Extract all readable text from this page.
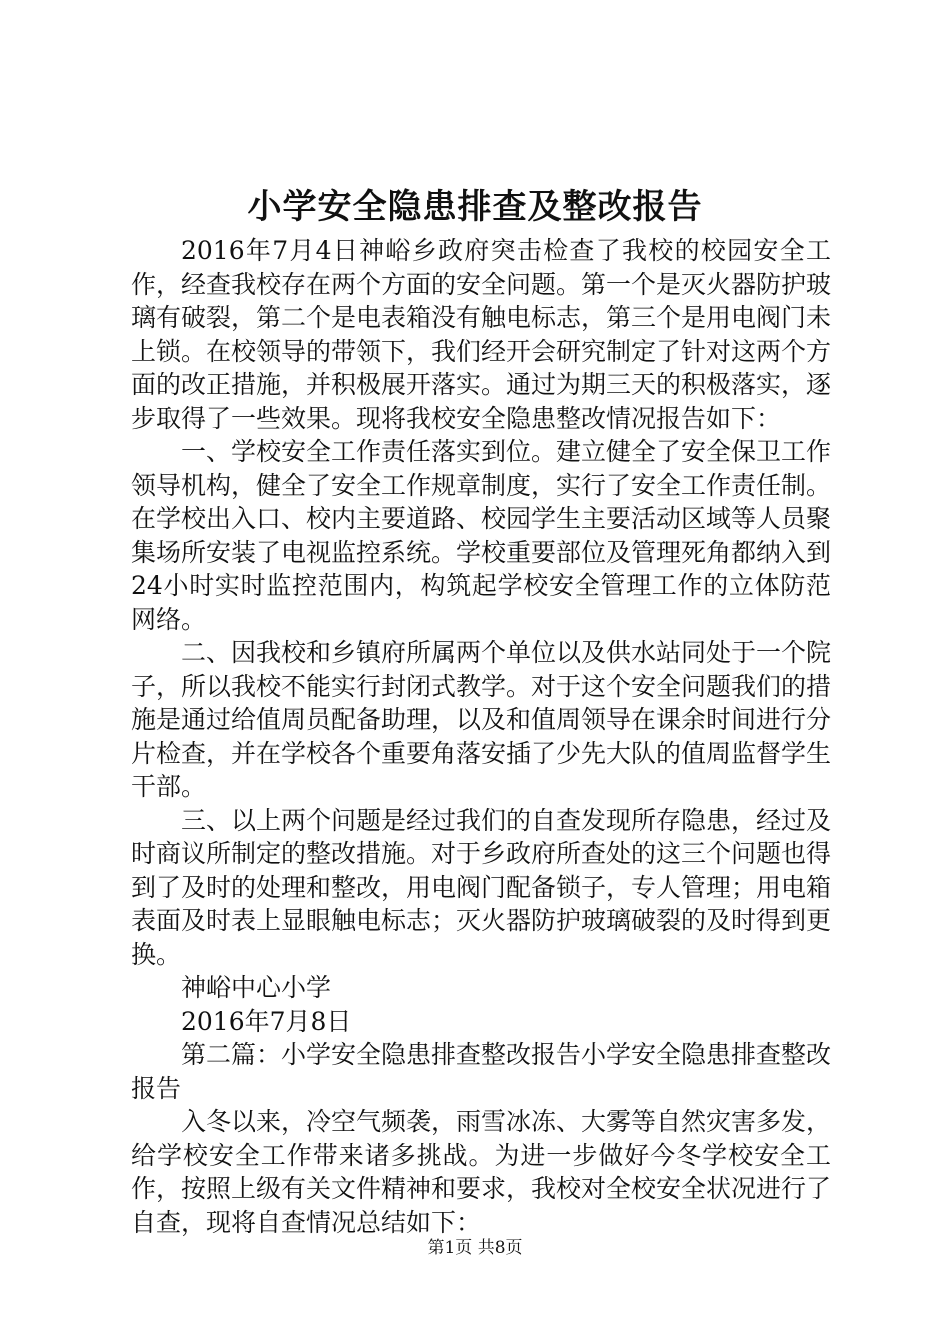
小学安全隐患排查及整改报告

2016年7月4日神峪乡政府突击检查了我校的校园安全工作，经查我校存在两个方面的安全问题。第一个是灭火器防护玻璃有破裂，第二个是电表箱没有触电标志，第三个是用电阀门未上锁。在校领导的带领下，我们经开会研究制定了针对这两个方面的改正措施，并积极展开落实。通过为期三天的积极落实，逐步取得了一些效果。现将我校安全隐患整改情况报告如下：

一、学校安全工作责任落实到位。建立健全了安全保卫工作领导机构，健全了安全工作规章制度，实行了安全工作责任制。在学校出入口、校内主要道路、校园学生主要活动区域等人员聚集场所安装了电视监控系统。学校重要部位及管理死角都纳入到24小时实时监控范围内，构筑起学校安全管理工作的立体防范网络。

二、因我校和乡镇府所属两个单位以及供水站同处于一个院子，所以我校不能实行封闭式教学。对于这个安全问题我们的措施是通过给值周员配备助理，以及和值周领导在课余时间进行分片检查，并在学校各个重要角落安插了少先大队的值周监督学生干部。

三、以上两个问题是经过我们的自查发现所存隐患，经过及时商议所制定的整改措施。对于乡政府所查处的这三个问题也得到了及时的处理和整改，用电阀门配备锁子，专人管理；用电箱表面及时表上显眼触电标志；灭火器防护玻璃破裂的及时得到更换。

神峪中心小学

2016年7月8日

第二篇：小学安全隐患排查整改报告小学安全隐患排查整改报告

入冬以来，冷空气频袭，雨雪冰冻、大雾等自然灾害多发，给学校安全工作带来诸多挑战。为进一步做好今冬学校安全工作，按照上级有关文件精神和要求，我校对全校安全状况进行了自查，现将自查情况总结如下：

第1页 共8页
